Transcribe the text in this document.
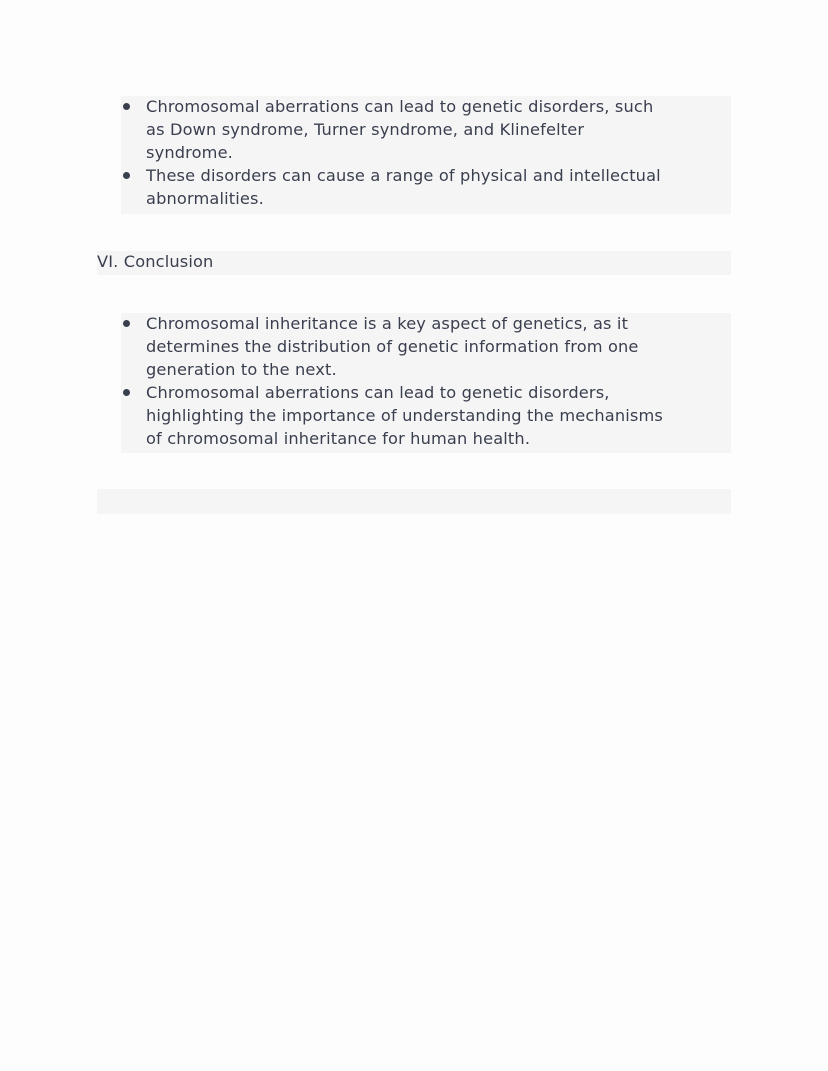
Chromosomal aberrations can lead to genetic disorders, such
as Down syndrome, Turner syndrome, and Klinefelter
syndrome.
These disorders can cause a range of physical and intellectual
abnormalities.
VI. Conclusion
Chromosomal inheritance is a key aspect of genetics, as it
determines the distribution of genetic information from one
generation to the next.
Chromosomal aberrations can lead to genetic disorders,
highlighting the importance of understanding the mechanisms
of chromosomal inheritance for human health.
